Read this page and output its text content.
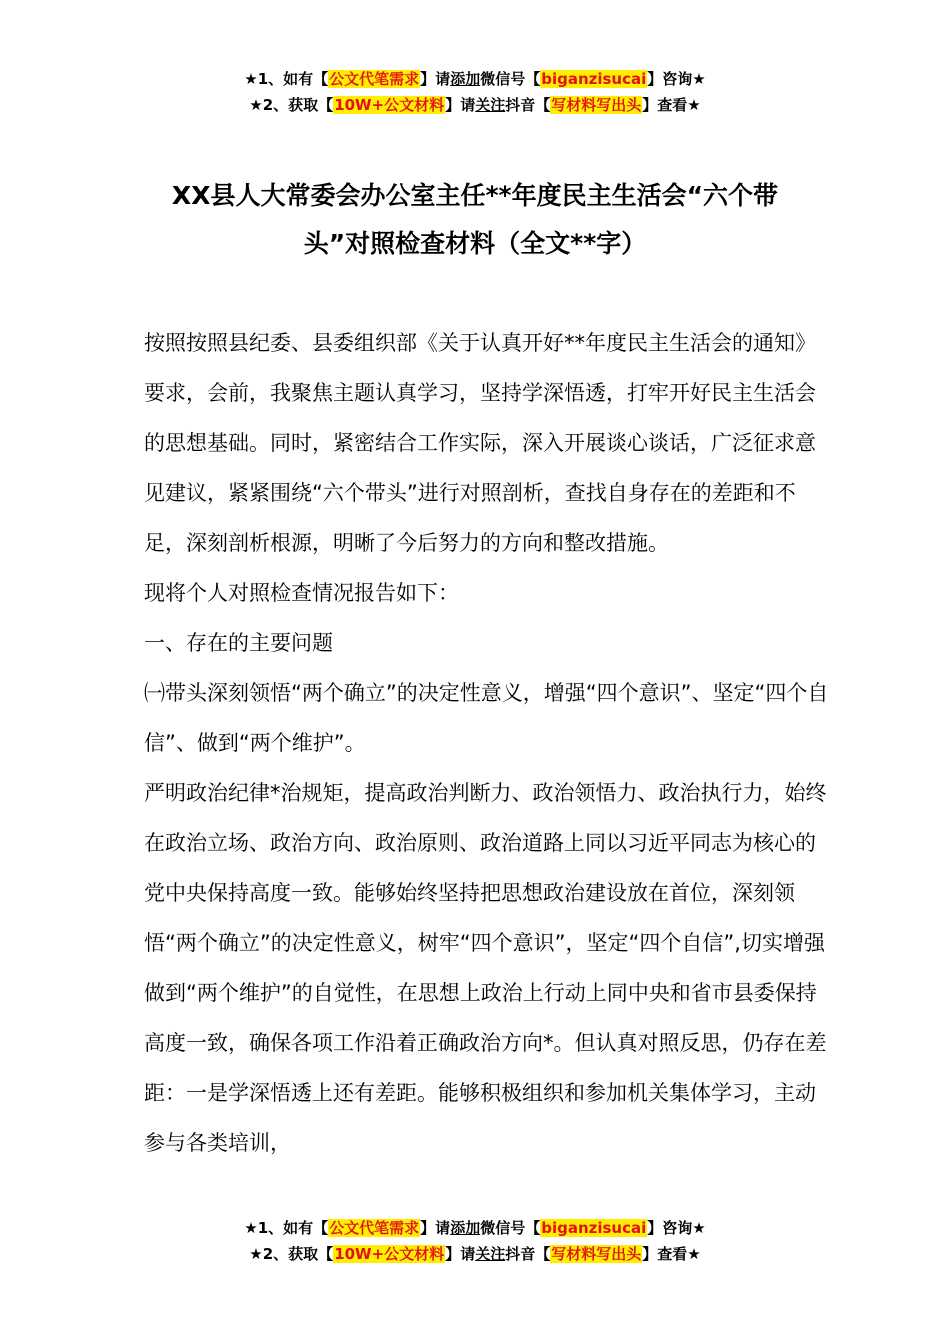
★1、如有【公文代笔需求】请添加微信号【biganzisucai】咨询★
★2、获取【10W+公文材料】请关注抖音【写材料写出头】查看★
XX县人大常委会办公室主任**年度民主生活会“六个带头”对照检查材料（全文**字）

按照按照县纪委、县委组织部《关于认真开好**年度民主生活会的通知》要求，会前，我聚焦主题认真学习，坚持学深悟透，打牢开好民主生活会的思想基础。同时，紧密结合工作实际，深入开展谈心谈话，广泛征求意见建议，紧紧围绕“六个带头”进行对照剖析，查找自身存在的差距和不足，深刻剖析根源，明晰了今后努力的方向和整改措施。

现将个人对照检查情况报告如下：

一、存在的主要问题

㈠带头深刻领悟“两个确立”的决定性意义，增强“四个意识”、坚定“四个自信”、做到“两个维护”。

严明政治纪律*治规矩，提高政治判断力、政治领悟力、政治执行力，始终在政治立场、政治方向、政治原则、政治道路上同以习近平同志为核心的党中央保持高度一致。能够始终坚持把思想政治建设放在首位，深刻领悟“两个确立”的决定性意义，树牢“四个意识”，坚定“四个自信”,切实增强做到“两个维护”的自觉性，在思想上政治上行动上同中央和省市县委保持高度一致，确保各项工作沿着正确政治方向*。但认真对照反思，仍存在差距：一是学深悟透上还有差距。能够积极组织和参加机关集体学习，主动参与各类培训，

★1、如有【公文代笔需求】请添加微信号【biganzisucai】咨询★
★2、获取【10W+公文材料】请关注抖音【写材料写出头】查看★
